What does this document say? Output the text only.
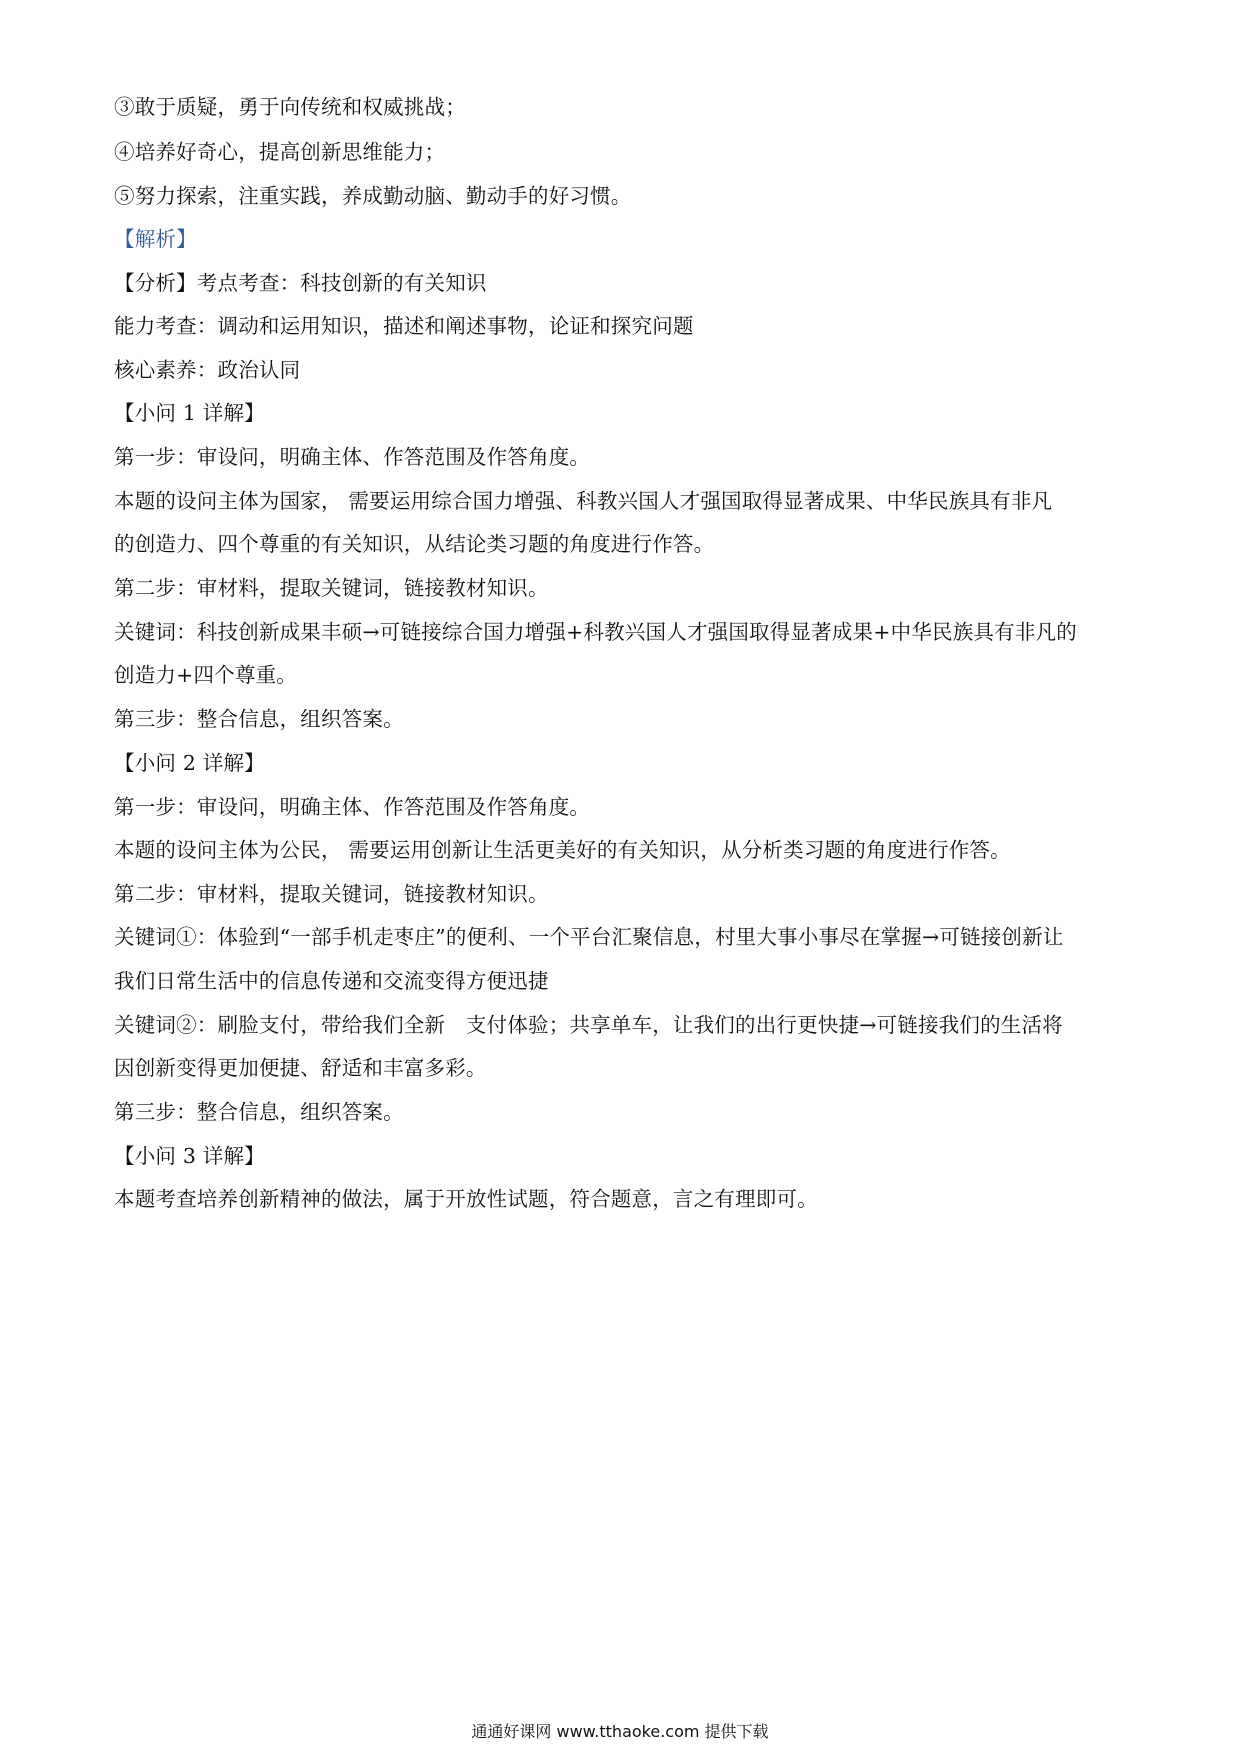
③敢于质疑，勇于向传统和权威挑战；
④培养好奇心，提高创新思维能力；
⑤努力探索，注重实践，养成勤动脑、勤动手的好习惯。
【解析】
【分析】考点考查：科技创新的有关知识
能力考查：调动和运用知识，描述和阐述事物，论证和探究问题
核心素养：政治认同
【小问 1 详解】
第一步：审设问，明确主体、作答范围及作答角度。
本题的设问主体为国家， 需要运用综合国力增强、科教兴国人才强国取得显著成果、中华民族具有非凡
的创造力、四个尊重的有关知识，从结论类习题的角度进行作答。
第二步：审材料，提取关键词，链接教材知识。
关键词：科技创新成果丰硕→可链接综合国力增强+科教兴国人才强国取得显著成果+中华民族具有非凡的
创造力+四个尊重。
第三步：整合信息，组织答案。
【小问 2 详解】
第一步：审设问，明确主体、作答范围及作答角度。
本题的设问主体为公民， 需要运用创新让生活更美好的有关知识，从分析类习题的角度进行作答。
第二步：审材料，提取关键词，链接教材知识。
关键词①：体验到“一部手机走枣庄”的便利、一个平台汇聚信息，村里大事小事尽在掌握→可链接创新让
我们日常生活中的信息传递和交流变得方便迅捷
关键词②：刷脸支付，带给我们全新　支付体验；共享单车，让我们的出行更快捷→可链接我们的生活将
因创新变得更加便捷、舒适和丰富多彩。
第三步：整合信息，组织答案。
【小问 3 详解】
本题考查培养创新精神的做法，属于开放性试题，符合题意，言之有理即可。
通通好课网 www.tthaoke.com 提供下载
